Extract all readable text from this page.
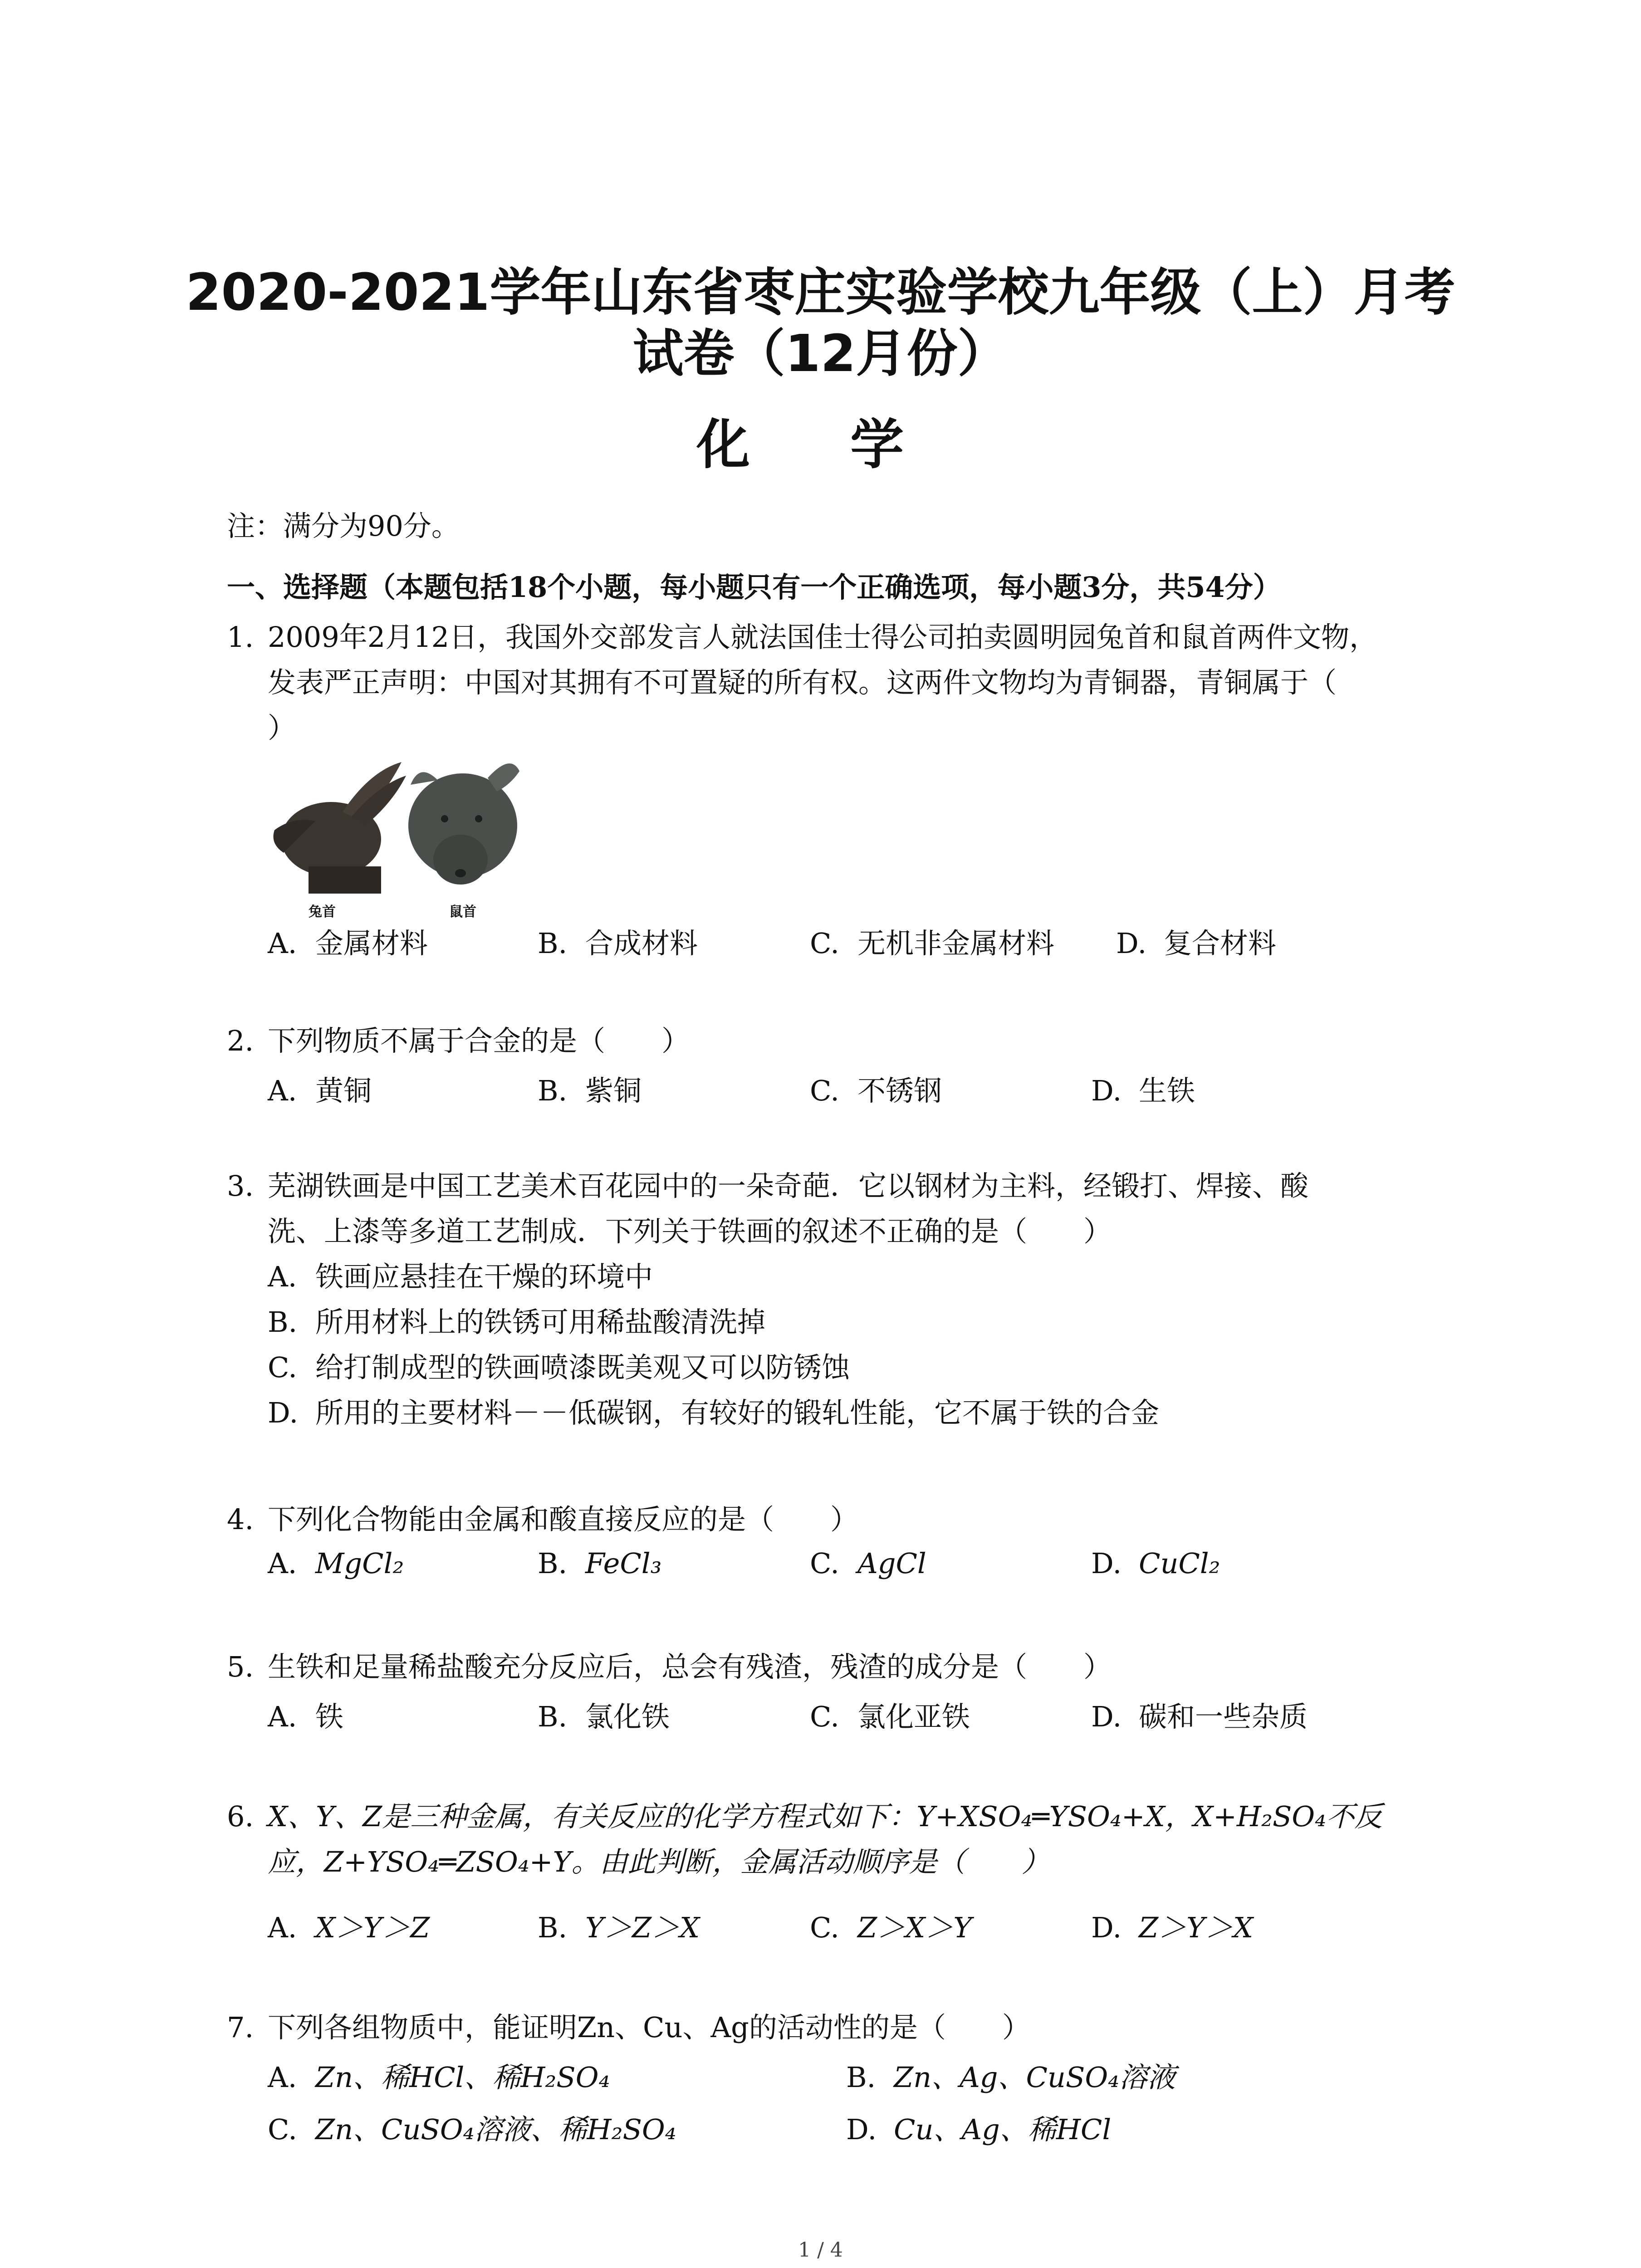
2020-2021学年山东省枣庄实验学校九年级（上）月考
试卷（12月份）
化 学
注：满分为90分。
一、选择题（本题包括18个小题，每小题只有一个正确选项，每小题3分，共54分）
1. 2009年2月12日，我国外交部发言人就法国佳士得公司拍卖圆明园兔首和鼠首两件文物，
发表严正声明：中国对其拥有不可置疑的所有权。这两件文物均为青铜器，青铜属于（
）
兔首	鼠首
A. 金属材料	B. 合成材料	C. 无机非金属材料 D. 复合材料
2. 下列物质不属于合金的是（　　）
A. 黄铜	B. 紫铜	C. 不锈钢	D. 生铁
3. 芜湖铁画是中国工艺美术百花园中的一朵奇葩．它以钢材为主料，经锻打、焊接、酸
洗、上漆等多道工艺制成．下列关于铁画的叙述不正确的是（　　）
A. 铁画应悬挂在干燥的环境中
B. 所用材料上的铁锈可用稀盐酸清洗掉
C. 给打制成型的铁画喷漆既美观又可以防锈蚀
D. 所用的主要材料－－低碳钢，有较好的锻轧性能，它不属于铁的合金
4. 下列化合物能由金属和酸直接反应的是（　　）
A. MgCl₂	B. FeCl₃	C. AgCl	D. CuCl₂
5. 生铁和足量稀盐酸充分反应后，总会有残渣，残渣的成分是（　　）
A. 铁	B. 氯化铁	C. 氯化亚铁	D. 碳和一些杂质
6. X、Y、Z是三种金属，有关反应的化学方程式如下：Y+XSO₄═YSO₄+X，X+H₂SO₄不反
应，Z+YSO₄═ZSO₄+Y。由此判断，金属活动顺序是（　　）
A. X＞Y＞Z	B. Y＞Z＞X	C. Z＞X＞Y	D. Z＞Y＞X
7. 下列各组物质中，能证明Zn、Cu、Ag的活动性的是（　　）
A. Zn、稀HCl、稀H₂SO₄	B. Zn、Ag、CuSO₄溶液
C. Zn、CuSO₄溶液、稀H₂SO₄	D. Cu、Ag、稀HCl
1 / 4
